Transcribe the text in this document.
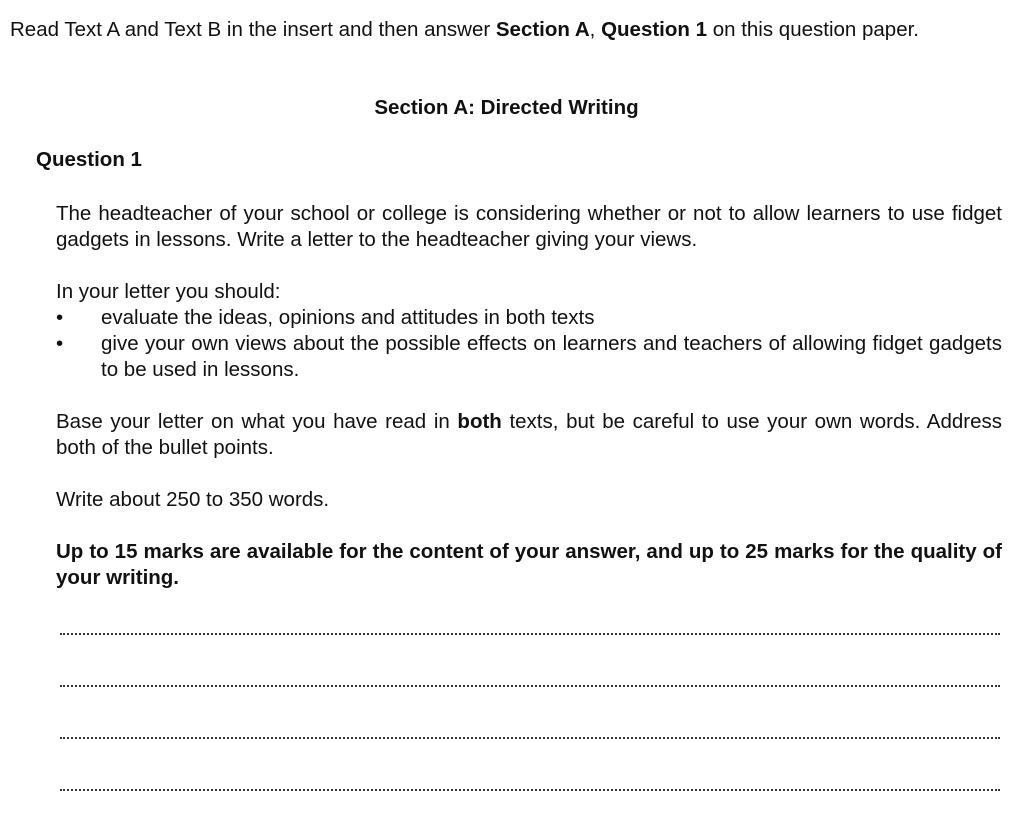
Read Text A and Text B in the insert and then answer Section A, Question 1 on this question paper.
Section A: Directed Writing
Question 1
The headteacher of your school or college is considering whether or not to allow learners to use fidget gadgets in lessons. Write a letter to the headteacher giving your views.
In your letter you should:
• evaluate the ideas, opinions and attitudes in both texts
• give your own views about the possible effects on learners and teachers of allowing fidget gadgets to be used in lessons.
Base your letter on what you have read in both texts, but be careful to use your own words. Address both of the bullet points.
Write about 250 to 350 words.
Up to 15 marks are available for the content of your answer, and up to 25 marks for the quality of your writing.
